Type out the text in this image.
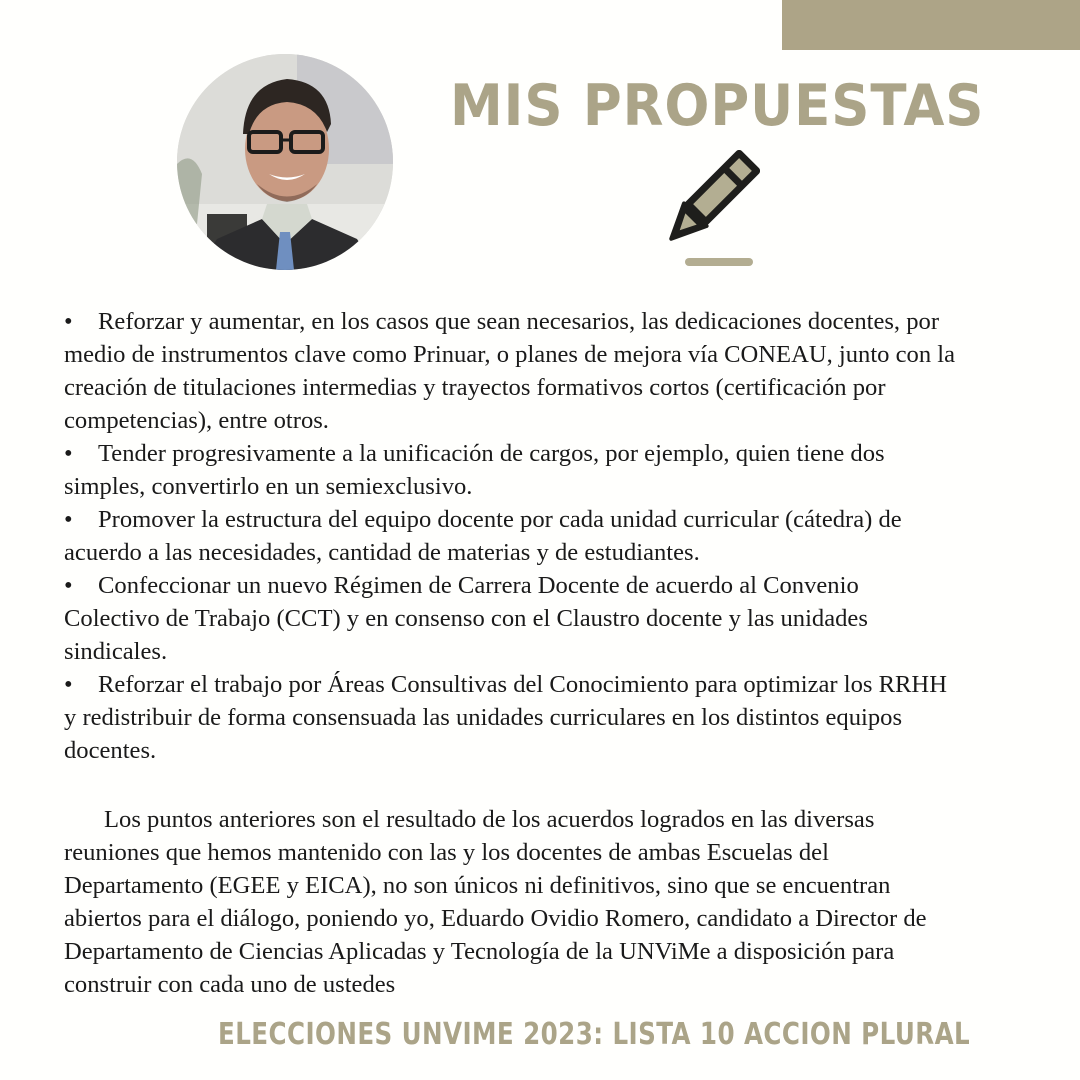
MIS PROPUESTAS
• Reforzar y aumentar, en los casos que sean necesarios, las dedicaciones docentes, por
medio de instrumentos clave como Prinuar, o planes de mejora vía CONEAU, junto con la
creación de titulaciones intermedias y trayectos formativos cortos (certificación por
competencias), entre otros.
• Tender progresivamente a la unificación de cargos, por ejemplo, quien tiene dos
simples, convertirlo en un semiexclusivo.
• Promover la estructura del equipo docente por cada unidad curricular (cátedra) de
acuerdo a las necesidades, cantidad de materias y de estudiantes.
• Confeccionar un nuevo Régimen de Carrera Docente de acuerdo al Convenio
Colectivo de Trabajo (CCT) y en consenso con el Claustro docente y las unidades
sindicales.
• Reforzar el trabajo por Áreas Consultivas del Conocimiento para optimizar los RRHH
y redistribuir de forma consensuada las unidades curriculares en los distintos equipos
docentes.
Los puntos anteriores son el resultado de los acuerdos logrados en las diversas
reuniones que hemos mantenido con las y los docentes de ambas Escuelas del
Departamento (EGEE y EICA), no son únicos ni definitivos, sino que se encuentran
abiertos para el diálogo, poniendo yo, Eduardo Ovidio Romero, candidato a Director de
Departamento de Ciencias Aplicadas y Tecnología de la UNViMe a disposición para
construir con cada uno de ustedes
ELECCIONES UNVIME 2023: LISTA 10 ACCION PLURAL
